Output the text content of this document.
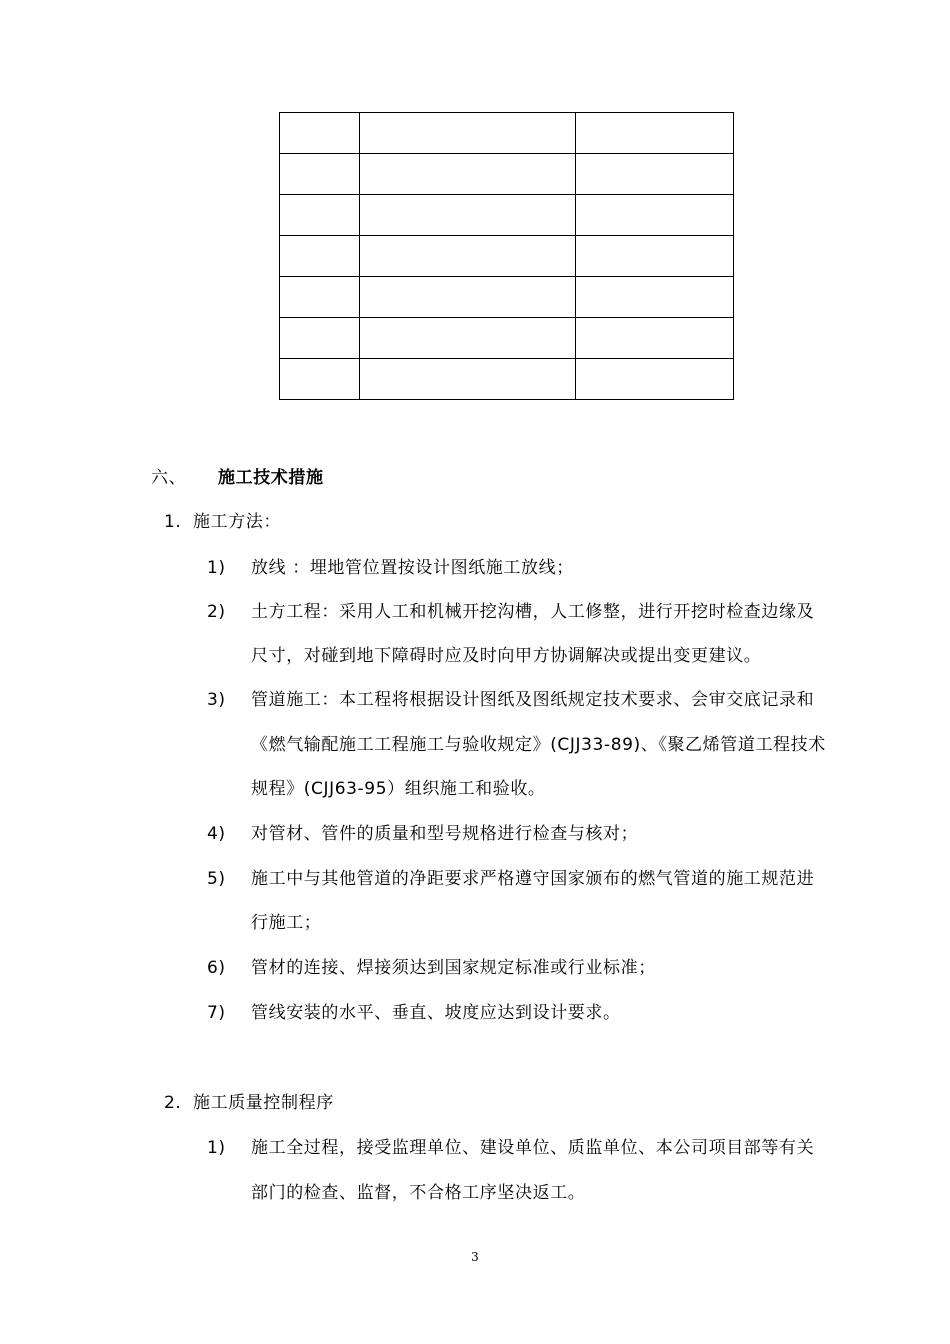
六、 施工技术措施
1. 施工方法：
1) 放线 ：埋地管位置按设计图纸施工放线；
2) 土方工程：采用人工和机械开挖沟槽，人工修整，进行开挖时检查边缘及
尺寸，对碰到地下障碍时应及时向甲方协调解决或提出变更建议。
3) 管道施工：本工程将根据设计图纸及图纸规定技术要求、会审交底记录和
《燃气输配施工工程施工与验收规定》(CJJ33-89)、《聚乙烯管道工程技术
规程》(CJJ63-95）组织施工和验收。
4) 对管材、管件的质量和型号规格进行检查与核对；
5) 施工中与其他管道的净距要求严格遵守国家颁布的燃气管道的施工规范进
行施工；
6) 管材的连接、焊接须达到国家规定标准或行业标准；
7) 管线安装的水平、垂直、坡度应达到设计要求。
2. 施工质量控制程序
1) 施工全过程，接受监理单位、建设单位、质监单位、本公司项目部等有关
部门的检查、监督，不合格工序坚决返工。
3
